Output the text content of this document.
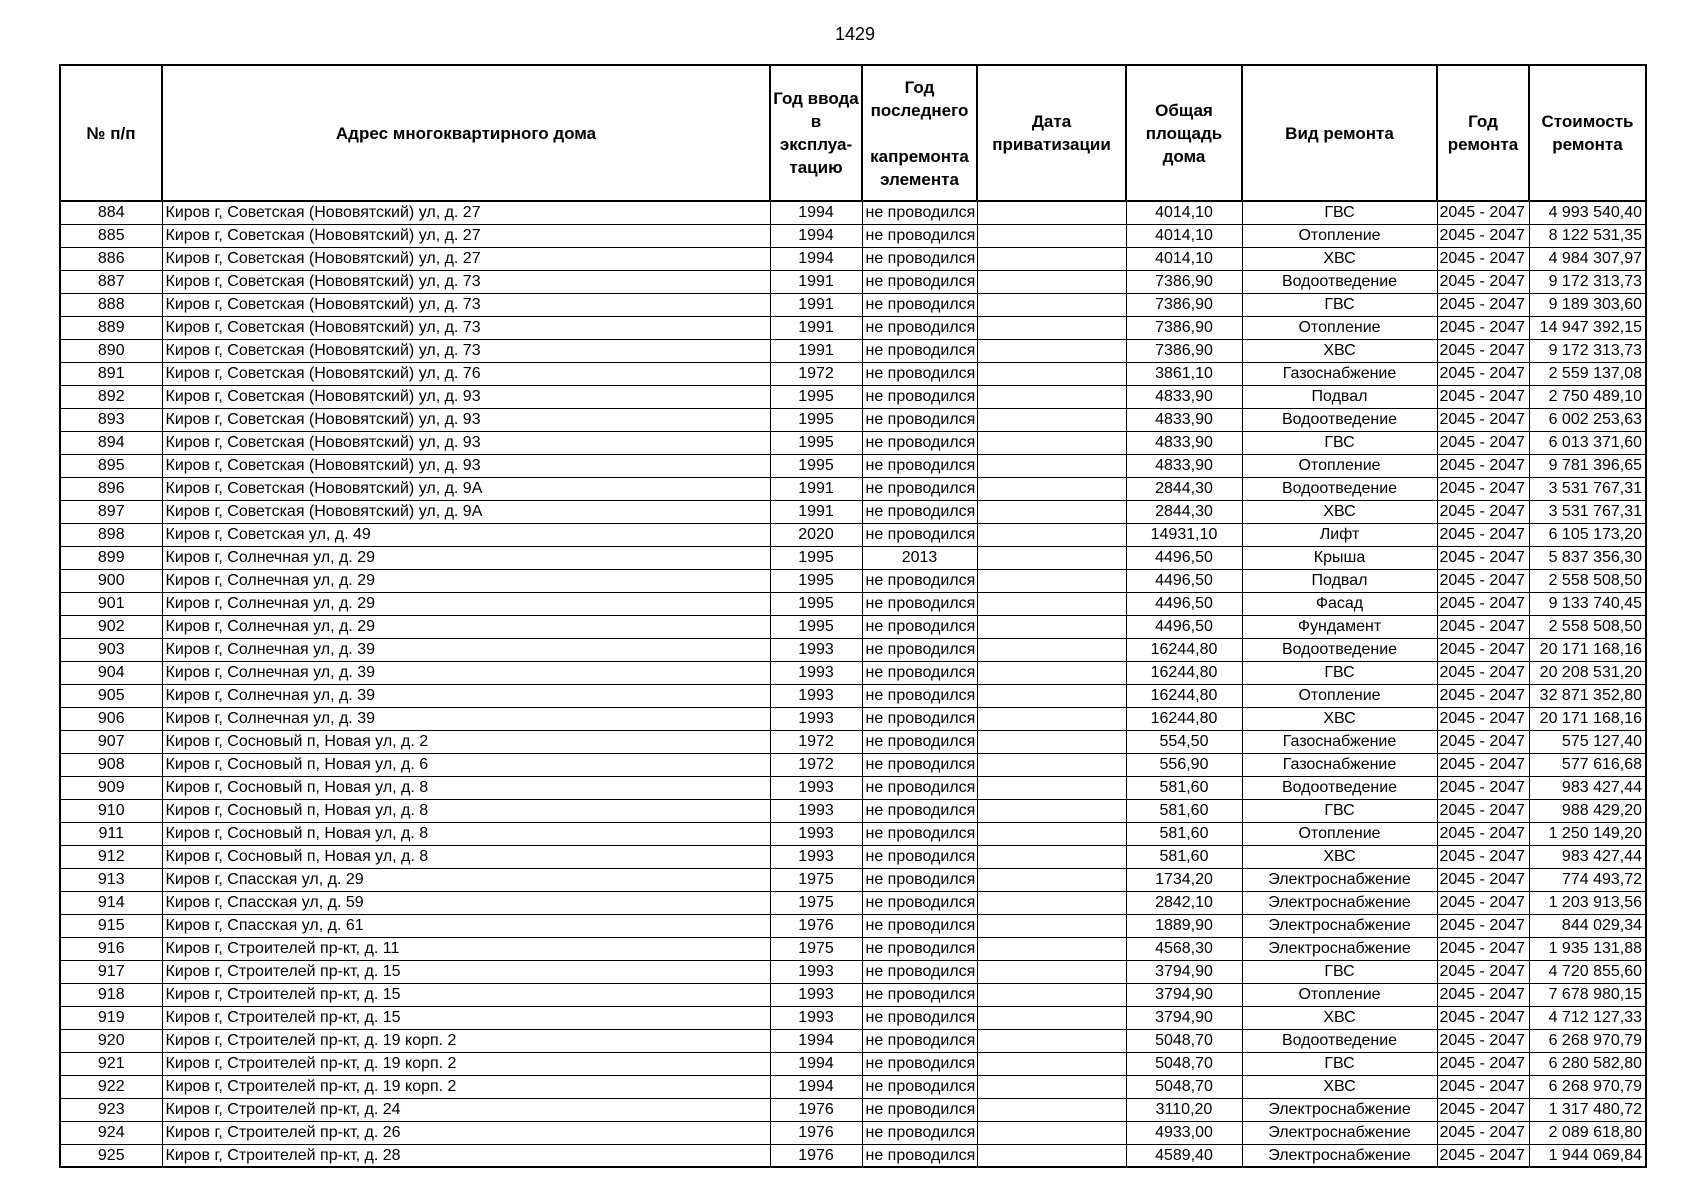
1429
№ п/п	Адрес многоквартирного дома	Год ввода в эксплуа-тацию	Год последнего
капремонта элемента	Дата приватизации	Общая площадь дома	Вид ремонта	Год ремонта	Стоимость ремонта
884	Киров г, Советская (Нововятский) ул, д. 27	1994	не проводился		4014,10	ГВС	2045 - 2047	4 993 540,40
885	Киров г, Советская (Нововятский) ул, д. 27	1994	не проводился		4014,10	Отопление	2045 - 2047	8 122 531,35
886	Киров г, Советская (Нововятский) ул, д. 27	1994	не проводился		4014,10	ХВС	2045 - 2047	4 984 307,97
887	Киров г, Советская (Нововятский) ул, д. 73	1991	не проводился		7386,90	Водоотведение	2045 - 2047	9 172 313,73
888	Киров г, Советская (Нововятский) ул, д. 73	1991	не проводился		7386,90	ГВС	2045 - 2047	9 189 303,60
889	Киров г, Советская (Нововятский) ул, д. 73	1991	не проводился		7386,90	Отопление	2045 - 2047	14 947 392,15
890	Киров г, Советская (Нововятский) ул, д. 73	1991	не проводился		7386,90	ХВС	2045 - 2047	9 172 313,73
891	Киров г, Советская (Нововятский) ул, д. 76	1972	не проводился		3861,10	Газоснабжение	2045 - 2047	2 559 137,08
892	Киров г, Советская (Нововятский) ул, д. 93	1995	не проводился		4833,90	Подвал	2045 - 2047	2 750 489,10
893	Киров г, Советская (Нововятский) ул, д. 93	1995	не проводился		4833,90	Водоотведение	2045 - 2047	6 002 253,63
894	Киров г, Советская (Нововятский) ул, д. 93	1995	не проводился		4833,90	ГВС	2045 - 2047	6 013 371,60
895	Киров г, Советская (Нововятский) ул, д. 93	1995	не проводился		4833,90	Отопление	2045 - 2047	9 781 396,65
896	Киров г, Советская (Нововятский) ул, д. 9А	1991	не проводился		2844,30	Водоотведение	2045 - 2047	3 531 767,31
897	Киров г, Советская (Нововятский) ул, д. 9А	1991	не проводился		2844,30	ХВС	2045 - 2047	3 531 767,31
898	Киров г, Советская ул, д. 49	2020	не проводился		14931,10	Лифт	2045 - 2047	6 105 173,20
899	Киров г, Солнечная ул, д. 29	1995	2013		4496,50	Крыша	2045 - 2047	5 837 356,30
900	Киров г, Солнечная ул, д. 29	1995	не проводился		4496,50	Подвал	2045 - 2047	2 558 508,50
901	Киров г, Солнечная ул, д. 29	1995	не проводился		4496,50	Фасад	2045 - 2047	9 133 740,45
902	Киров г, Солнечная ул, д. 29	1995	не проводился		4496,50	Фундамент	2045 - 2047	2 558 508,50
903	Киров г, Солнечная ул, д. 39	1993	не проводился		16244,80	Водоотведение	2045 - 2047	20 171 168,16
904	Киров г, Солнечная ул, д. 39	1993	не проводился		16244,80	ГВС	2045 - 2047	20 208 531,20
905	Киров г, Солнечная ул, д. 39	1993	не проводился		16244,80	Отопление	2045 - 2047	32 871 352,80
906	Киров г, Солнечная ул, д. 39	1993	не проводился		16244,80	ХВС	2045 - 2047	20 171 168,16
907	Киров г, Сосновый п, Новая ул, д. 2	1972	не проводился		554,50	Газоснабжение	2045 - 2047	575 127,40
908	Киров г, Сосновый п, Новая ул, д. 6	1972	не проводился		556,90	Газоснабжение	2045 - 2047	577 616,68
909	Киров г, Сосновый п, Новая ул, д. 8	1993	не проводился		581,60	Водоотведение	2045 - 2047	983 427,44
910	Киров г, Сосновый п, Новая ул, д. 8	1993	не проводился		581,60	ГВС	2045 - 2047	988 429,20
911	Киров г, Сосновый п, Новая ул, д. 8	1993	не проводился		581,60	Отопление	2045 - 2047	1 250 149,20
912	Киров г, Сосновый п, Новая ул, д. 8	1993	не проводился		581,60	ХВС	2045 - 2047	983 427,44
913	Киров г, Спасская ул, д. 29	1975	не проводился		1734,20	Электроснабжение	2045 - 2047	774 493,72
914	Киров г, Спасская ул, д. 59	1975	не проводился		2842,10	Электроснабжение	2045 - 2047	1 203 913,56
915	Киров г, Спасская ул, д. 61	1976	не проводился		1889,90	Электроснабжение	2045 - 2047	844 029,34
916	Киров г, Строителей пр-кт, д. 11	1975	не проводился		4568,30	Электроснабжение	2045 - 2047	1 935 131,88
917	Киров г, Строителей пр-кт, д. 15	1993	не проводился		3794,90	ГВС	2045 - 2047	4 720 855,60
918	Киров г, Строителей пр-кт, д. 15	1993	не проводился		3794,90	Отопление	2045 - 2047	7 678 980,15
919	Киров г, Строителей пр-кт, д. 15	1993	не проводился		3794,90	ХВС	2045 - 2047	4 712 127,33
920	Киров г, Строителей пр-кт, д. 19 корп. 2	1994	не проводился		5048,70	Водоотведение	2045 - 2047	6 268 970,79
921	Киров г, Строителей пр-кт, д. 19 корп. 2	1994	не проводился		5048,70	ГВС	2045 - 2047	6 280 582,80
922	Киров г, Строителей пр-кт, д. 19 корп. 2	1994	не проводился		5048,70	ХВС	2045 - 2047	6 268 970,79
923	Киров г, Строителей пр-кт, д. 24	1976	не проводился		3110,20	Электроснабжение	2045 - 2047	1 317 480,72
924	Киров г, Строителей пр-кт, д. 26	1976	не проводился		4933,00	Электроснабжение	2045 - 2047	2 089 618,80
925	Киров г, Строителей пр-кт, д. 28	1976	не проводился		4589,40	Электроснабжение	2045 - 2047	1 944 069,84
